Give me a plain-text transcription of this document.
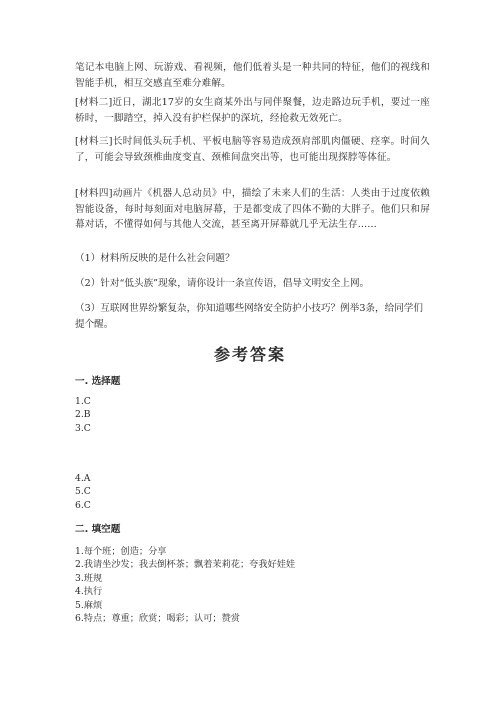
笔记本电脑上网、玩游戏、看视频，他们低着头是一种共同的特征，他们的视线和智能手机，相互交感直至难分难解。

[材料二]近日，湖北17岁的女生商某外出与同伴聚餐，边走路边玩手机，要过一座桥时，一脚踏空，掉入没有护栏保护的深坑，经抢救无效死亡。

[材料三]长时间低头玩手机、平板电脑等容易造成颈肩部肌肉僵硬、痉挛。时间久了，可能会导致颈椎曲度变直、颈椎间盘突出等，也可能出现探脖等体征。

[材料四]动画片《机器人总动员》中，描绘了未来人们的生活：人类由于过度依赖智能设备，每时每刻面对电脑屏幕，于是都变成了四体不勤的大胖子。他们只和屏幕对话，不懂得如何与其他人交流，甚至离开屏幕就几乎无法生存……

（1）材料所反映的是什么社会问题？

（2）针对“低头族”现象，请你设计一条宣传语，倡导文明安全上网。

（3）互联网世界纷繁复杂，你知道哪些网络安全防护小技巧？例举3条，给同学们提个醒。

参考答案
一. 选择题
1.C
2.B
3.C
4.A
5.C
6.C
二. 填空题
1.每个班；创造；分享
2.我请坐沙发；我去倒杯茶；飘着茉莉花；夸我好娃娃
3.班规
4.执行
5.麻烦
6.特点；尊重；欣赏；喝彩；认可；赞赏
